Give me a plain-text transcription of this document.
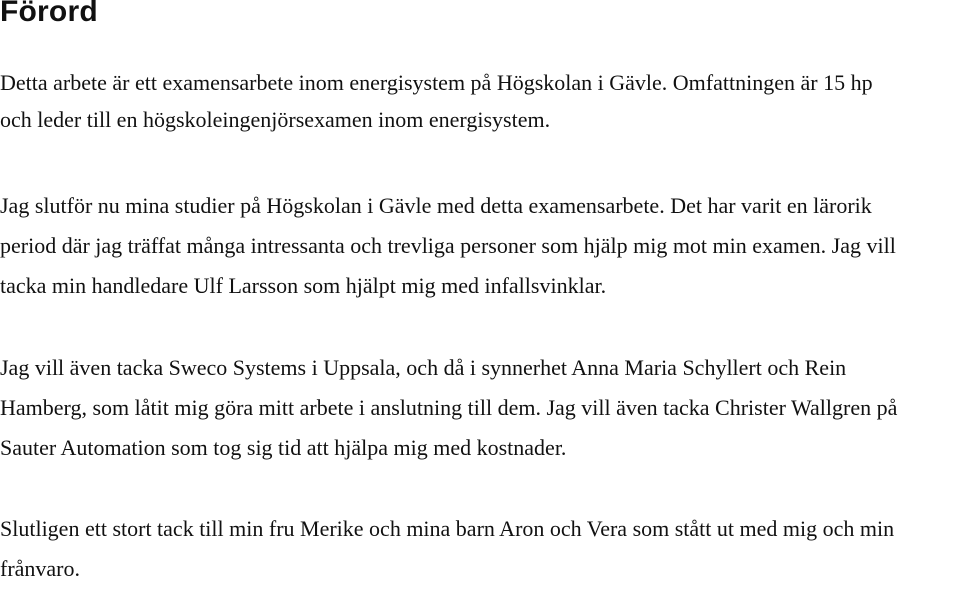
Förord

Detta arbete är ett examensarbete inom energisystem på Högskolan i Gävle. Omfattningen är 15 hp
och leder till en högskoleingenjörsexamen inom energisystem.

Jag slutför nu mina studier på Högskolan i Gävle med detta examensarbete. Det har varit en lärorik
period där jag träffat många intressanta och trevliga personer som hjälp mig mot min examen. Jag vill
tacka min handledare Ulf Larsson som hjälpt mig med infallsvinklar.

Jag vill även tacka Sweco Systems i Uppsala, och då i synnerhet Anna Maria Schyllert och Rein
Hamberg, som låtit mig göra mitt arbete i anslutning till dem. Jag vill även tacka Christer Wallgren på
Sauter Automation som tog sig tid att hjälpa mig med kostnader.

Slutligen ett stort tack till min fru Merike och mina barn Aron och Vera som stått ut med mig och min
frånvaro.
